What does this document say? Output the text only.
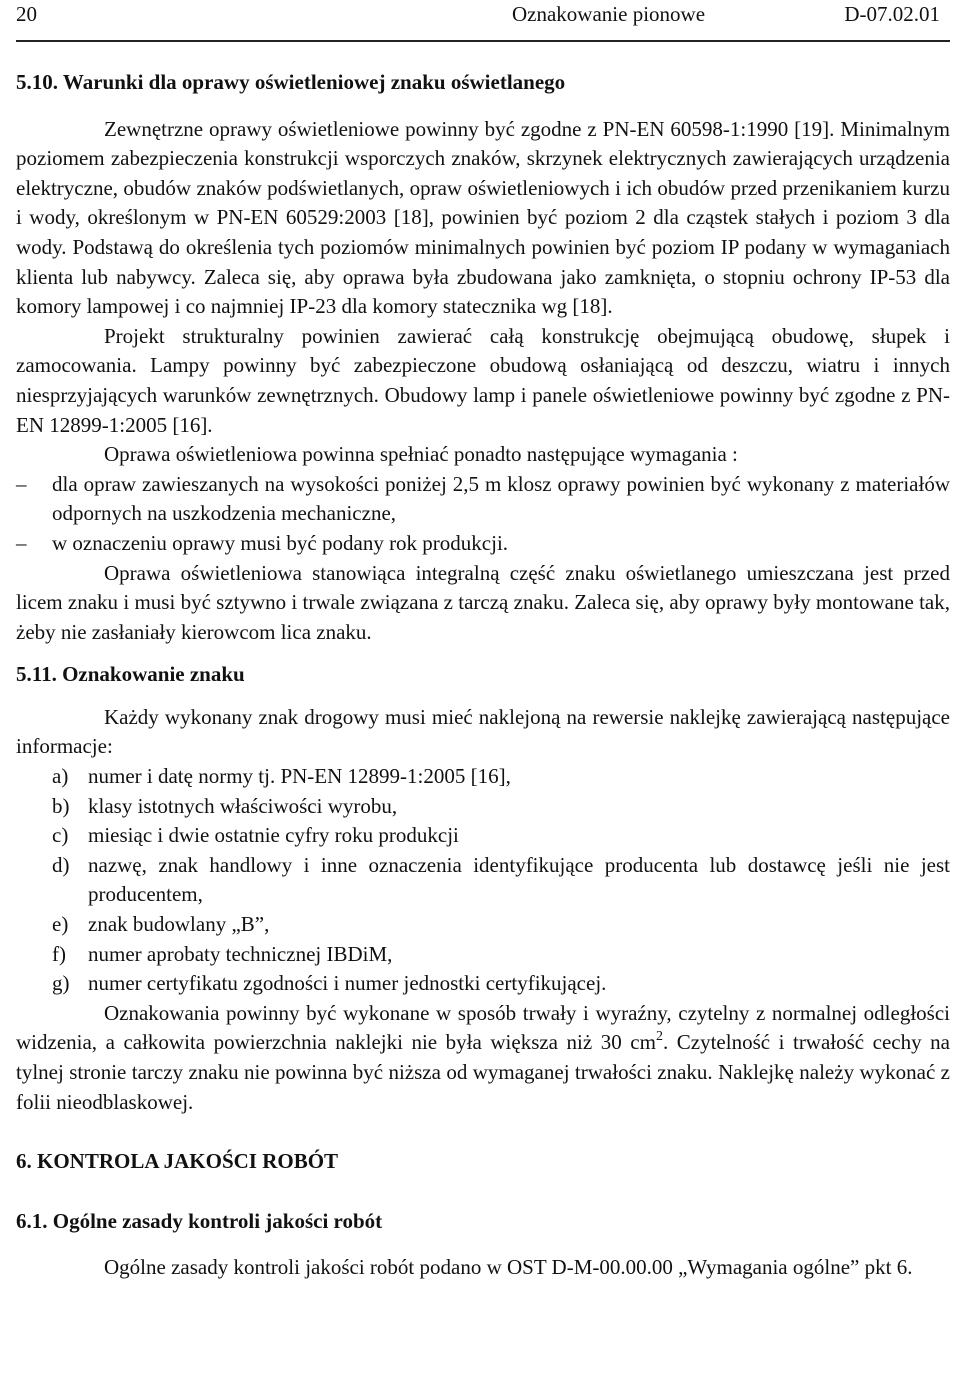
20	Oznakowanie pionowe	D-07.02.01
5.10. Warunki dla oprawy oświetleniowej znaku oświetlanego

Zewnętrzne oprawy oświetleniowe powinny być zgodne z PN-EN 60598-1:1990 [19]. Minimalnym poziomem zabezpieczenia konstrukcji wsporczych znaków, skrzynek elektrycznych zawierających urządzenia elektryczne, obudów znaków podświetlanych, opraw oświetleniowych i ich obudów przed przenikaniem kurzu i wody, określonym w PN-EN 60529:2003 [18], powinien być poziom 2 dla cząstek stałych i poziom 3 dla wody. Podstawą do określenia tych poziomów minimalnych powinien być poziom IP podany w wymaganiach klienta lub nabywcy. Zaleca się, aby oprawa była zbudowana jako zamknięta, o stopniu ochrony IP-53 dla komory lampowej i co najmniej IP-23 dla komory statecznika wg [18].

Projekt strukturalny powinien zawierać całą konstrukcję obejmującą obudowę, słupek i zamocowania. Lampy powinny być zabezpieczone obudową osłaniającą od deszczu, wiatru i innych niesprzyjających warunków zewnętrznych. Obudowy lamp i panele oświetleniowe powinny być zgodne z PN-EN 12899-1:2005 [16].

Oprawa oświetleniowa powinna spełniać ponadto następujące wymagania :

–	dla opraw zawieszanych na wysokości poniżej 2,5 m klosz oprawy powinien być wykonany z materiałów odpornych na uszkodzenia mechaniczne,
–	w oznaczeniu oprawy musi być podany rok produkcji.

Oprawa oświetleniowa stanowiąca integralną część znaku oświetlanego umieszczana jest przed licem znaku i musi być sztywno i trwale związana z tarczą znaku. Zaleca się, aby oprawy były montowane tak, żeby nie zasłaniały kierowcom lica znaku.

5.11. Oznakowanie znaku

Każdy wykonany znak drogowy musi mieć naklejoną na rewersie naklejkę zawierającą następujące informacje:

a) numer i datę normy tj. PN-EN 12899-1:2005 [16],
b) klasy istotnych właściwości wyrobu,
c) miesiąc i dwie ostatnie cyfry roku produkcji
d) nazwę, znak handlowy i inne oznaczenia identyfikujące producenta lub dostawcę jeśli nie jest producentem,
e) znak budowlany „B”,
f)	numer aprobaty technicznej IBDiM,
g) numer certyfikatu zgodności i numer jednostki certyfikującej.

Oznakowania powinny być wykonane w sposób trwały i wyraźny, czytelny z normalnej odległości widzenia, a całkowita powierzchnia naklejki nie była większa niż 30 $cm^2$. Czytelność i trwałość cechy na tylnej stronie tarczy znaku nie powinna być niższa od wymaganej trwałości znaku. Naklejkę należy wykonać z folii nieodblaskowej.

6. KONTROLA JAKOŚCI ROBÓT
6.1. Ogólne zasady kontroli jakości robót

Ogólne zasady kontroli jakości robót podano w OST D-M-00.00.00 „Wymagania ogólne” pkt 6.
